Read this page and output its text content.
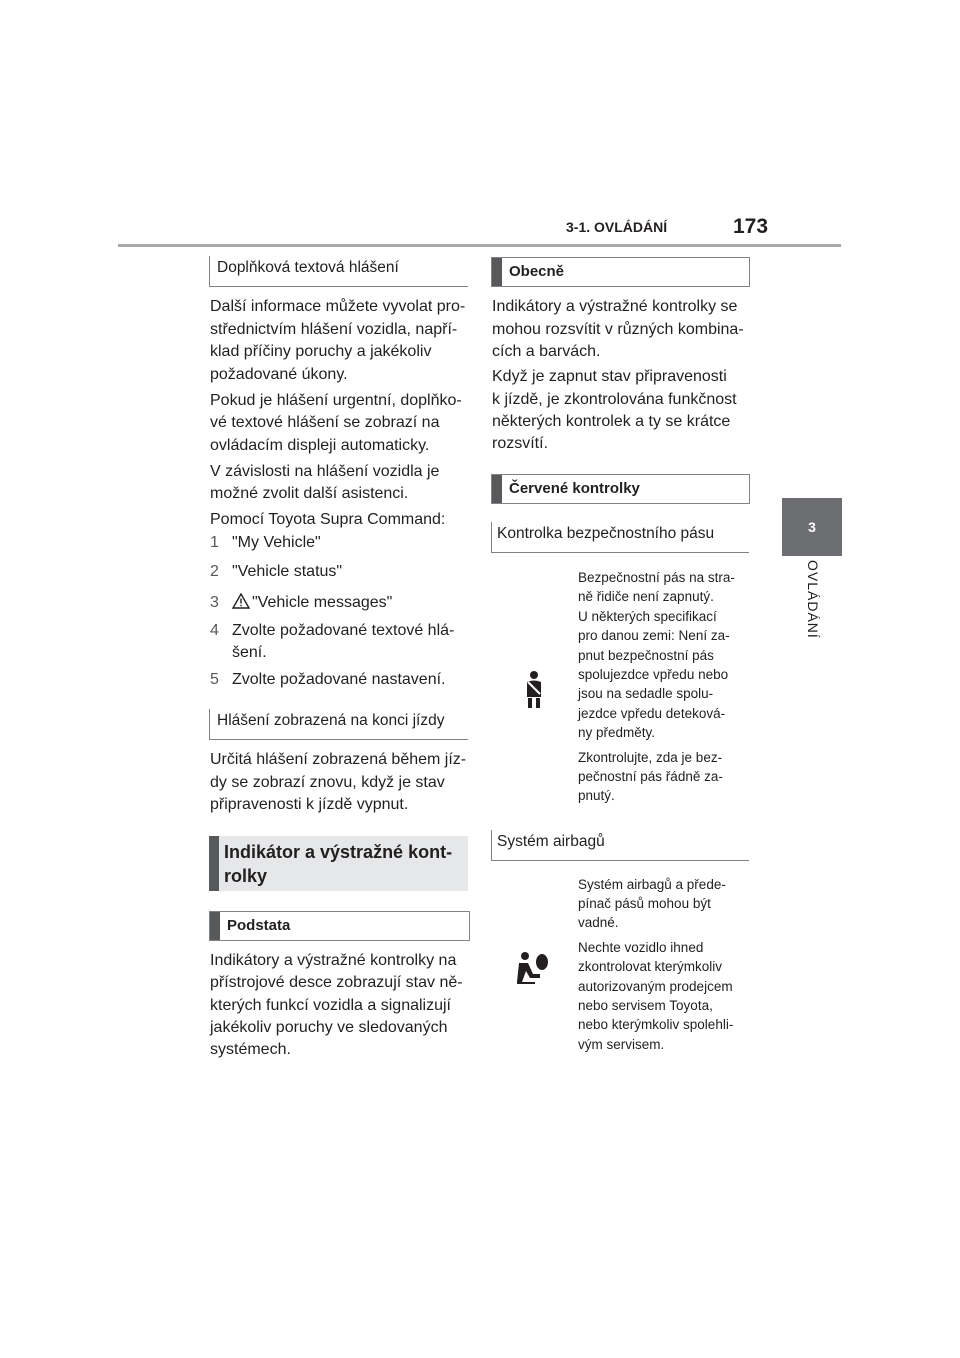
3-1. OVLÁDÁNÍ	173
3
OVLÁDÁNÍ
Doplňková textová hlášení
Další informace můžete vyvolat pro-
střednictvím hlášení vozidla, napří-
klad příčiny poruchy a jakékoliv
požadované úkony.
Pokud je hlášení urgentní, doplňko-
vé textové hlášení se zobrazí na
ovládacím displeji automaticky.
V závislosti na hlášení vozidla je
možné zvolit další asistenci.
Pomocí Toyota Supra Command:
1 "My Vehicle"
2 "Vehicle status"
3 "Vehicle messages"
4 Zvolte požadované textové hlá-
šení.
5 Zvolte požadované nastavení.
Hlášení zobrazená na konci jízdy
Určitá hlášení zobrazená během jíz-
dy se zobrazí znovu, když je stav
připravenosti k jízdě vypnut.
Indikátor a výstražné kont-
rolky
Podstata
Indikátory a výstražné kontrolky na
přístrojové desce zobrazují stav ně-
kterých funkcí vozidla a signalizují
jakékoliv poruchy ve sledovaných
systémech.
Obecně
Indikátory a výstražné kontrolky se
mohou rozsvítit v různých kombina-
cích a barvách.
Když je zapnut stav připravenosti
k jízdě, je zkontrolována funkčnost
některých kontrolek a ty se krátce
rozsvítí.
Červené kontrolky
Kontrolka bezpečnostního pásu
Bezpečnostní pás na stra-
ně řidiče není zapnutý.
U některých specifikací
pro danou zemi: Není za-
pnut bezpečnostní pás
spolujezdce vpředu nebo
jsou na sedadle spolu-
jezdce vpředu deteková-
ny předměty.
Zkontrolujte, zda je bez-
pečnostní pás řádně za-
pnutý.
Systém airbagů
Systém airbagů a přede-
pínač pásů mohou být
vadné.
Nechte vozidlo ihned
zkontrolovat kterýmkoliv
autorizovaným prodejcem
nebo servisem Toyota,
nebo kterýmkoliv spolehli-
vým servisem.
